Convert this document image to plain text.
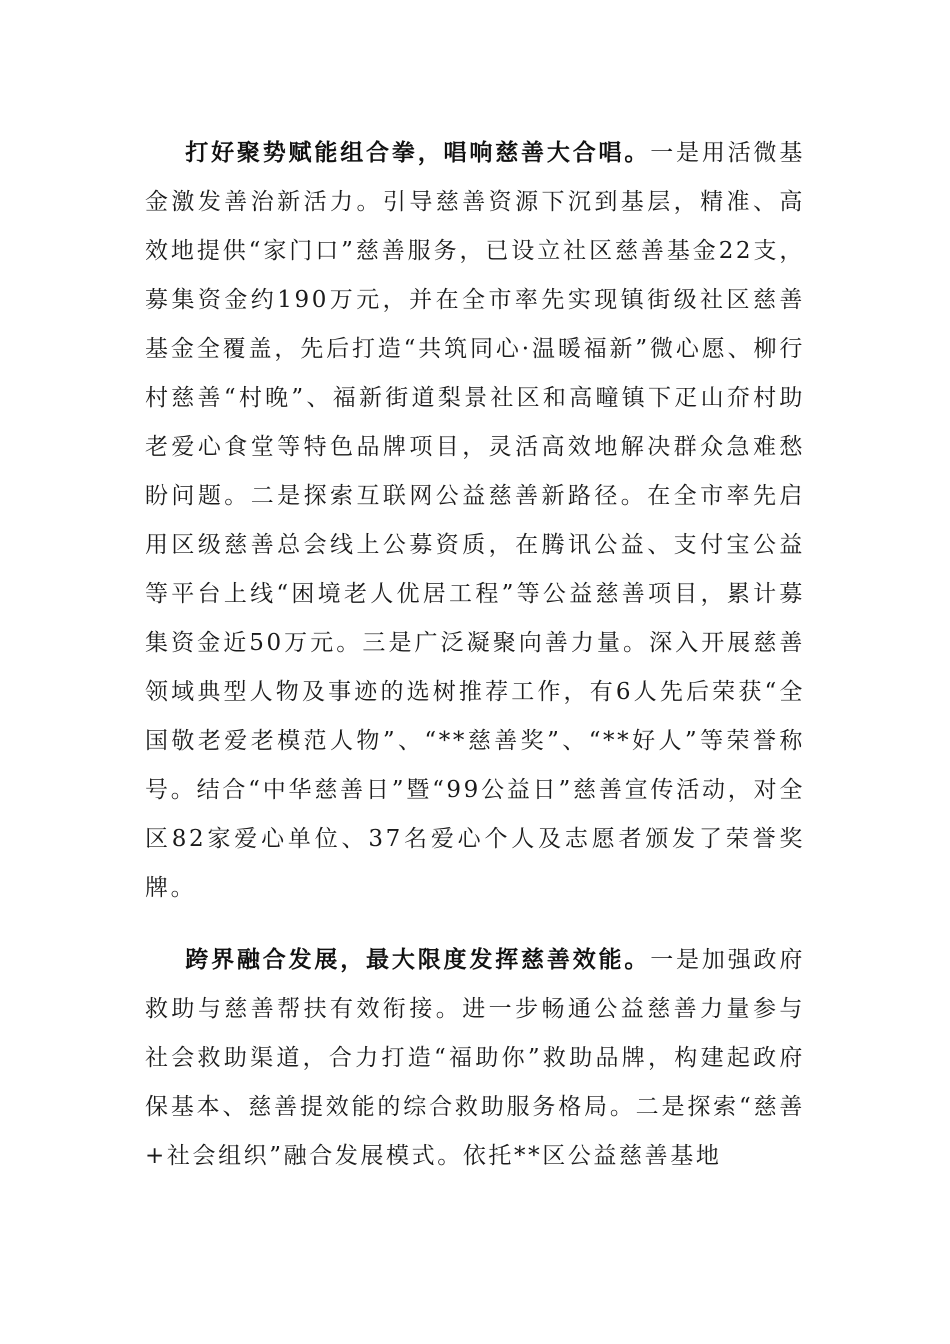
打好聚势赋能组合拳，唱响慈善大合唱。一是用活微基金激发善治新活力。引导慈善资源下沉到基层，精准、高效地提供“家门口”慈善服务，已设立社区慈善基金22支，募集资金约190万元，并在全市率先实现镇街级社区慈善基金全覆盖，先后打造“共筑同心·温暖福新”微心愿、柳行村慈善“村晚”、福新街道梨景社区和高疃镇下疋山夼村助老爱心食堂等特色品牌项目，灵活高效地解决群众急难愁盼问题。二是探索互联网公益慈善新路径。在全市率先启用区级慈善总会线上公募资质，在腾讯公益、支付宝公益等平台上线“困境老人优居工程”等公益慈善项目，累计募集资金近50万元。三是广泛凝聚向善力量。深入开展慈善领域典型人物及事迹的选树推荐工作，有6人先后荣获“全国敬老爱老模范人物”、“**慈善奖”、“**好人”等荣誉称号。结合“中华慈善日”暨“99公益日”慈善宣传活动，对全区82家爱心单位、37名爱心个人及志愿者颁发了荣誉奖牌。

跨界融合发展，最大限度发挥慈善效能。一是加强政府救助与慈善帮扶有效衔接。进一步畅通公益慈善力量参与社会救助渠道，合力打造“福助你”救助品牌，构建起政府保基本、慈善提效能的综合救助服务格局。二是探索“慈善+社会组织”融合发展模式。依托**区公益慈善基地
